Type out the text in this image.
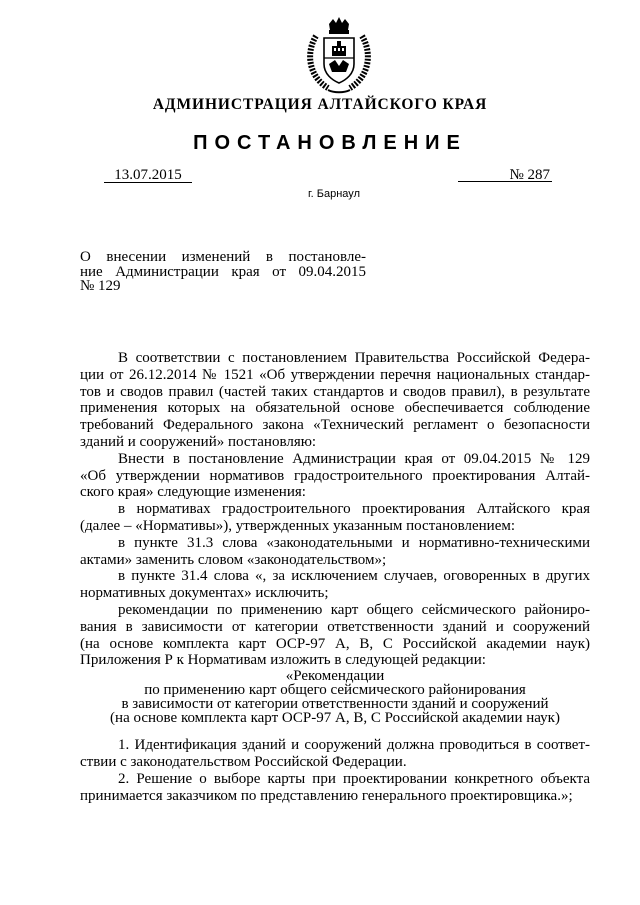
АДМИНИСТРАЦИЯ АЛТАЙСКОГО КРАЯ
ПОСТАНОВЛЕНИЕ
13.07.2015	№ 287
г. Барнаул
О внесении изменений в постановле-
ние Администрации края от 09.04.2015
№ 129
В соответствии с постановлением Правительства Российской Федера-
ции от 26.12.2014 № 1521 «Об утверждении перечня национальных стандар-
тов и сводов правил (частей таких стандартов и сводов правил), в результате
применения которых на обязательной основе обеспечивается соблюдение
требований Федерального закона «Технический регламент о безопасности
зданий и сооружений» постановляю:
Внести в постановление Администрации края от 09.04.2015 № 129
«Об утверждении нормативов градостроительного проектирования Алтай-
ского края» следующие изменения:
в нормативах градостроительного проектирования Алтайского края
(далее – «Нормативы»), утвержденных указанным постановлением:
в пункте 31.3 слова «законодательными и нормативно-техническими
актами» заменить словом «законодательством»;
в пункте 31.4 слова «, за исключением случаев, оговоренных в других
нормативных документах» исключить;
рекомендации по применению карт общего сейсмического райониро-
вания в зависимости от категории ответственности зданий и сооружений
(на основе комплекта карт ОСР-97 А, В, С Российской академии наук)
Приложения Р к Нормативам изложить в следующей редакции:
«Рекомендации
по применению карт общего сейсмического районирования
в зависимости от категории ответственности зданий и сооружений
(на основе комплекта карт ОСР-97 А, В, С Российской академии наук)
1. Идентификация зданий и сооружений должна проводиться в соответ-
ствии с законодательством Российской Федерации.
2. Решение о выборе карты при проектировании конкретного объекта
принимается заказчиком по представлению генерального проектировщика.»;
